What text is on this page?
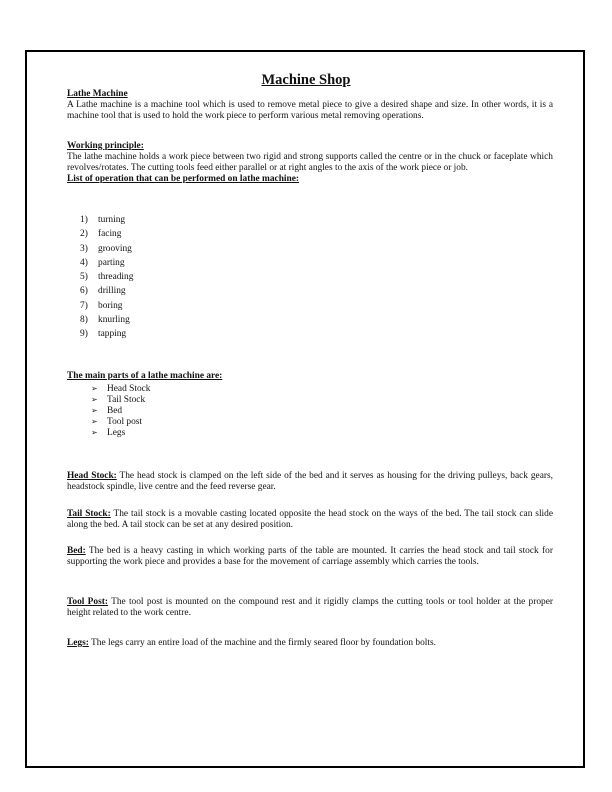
Machine Shop
Lathe Machine
A Lathe machine is a machine tool which is used to remove metal piece to give a desired shape and size. In other words, it is a machine tool that is used to hold the work piece to perform various metal removing operations.
Working principle:
The lathe machine holds a work piece between two rigid and strong supports called the centre or in the chuck or faceplate which revolves/rotates. The cutting tools feed either parallel or at right angles to the axis of the work piece or job.
List of operation that can be performed on lathe machine:
1) turning
2) facing
3) grooving
4) parting
5) threading
6) drilling
7) boring
8) knurling
9) tapping
The main parts of a lathe machine are:
➢ Head Stock
➢ Tail Stock
➢ Bed
➢ Tool post
➢ Legs
Head Stock: The head stock is clamped on the left side of the bed and it serves as housing for the driving pulleys, back gears, headstock spindle, live centre and the feed reverse gear.
Tail Stock: The tail stock is a movable casting located opposite the head stock on the ways of the bed. The tail stock can slide along the bed. A tail stock can be set at any desired position.
Bed: The bed is a heavy casting in which working parts of the table are mounted. It carries the head stock and tail stock for supporting the work piece and provides a base for the movement of carriage assembly which carries the tools.
Tool Post: The tool post is mounted on the compound rest and it rigidly clamps the cutting tools or tool holder at the proper height related to the work centre.
Legs: The legs carry an entire load of the machine and the firmly seared floor by foundation bolts.
